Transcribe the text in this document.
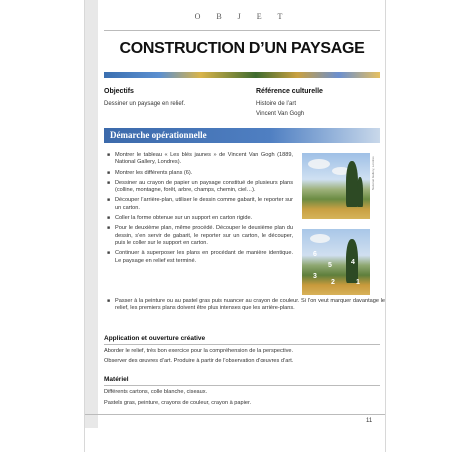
O B J E T
CONSTRUCTION D’UN PAYSAGE
Objectifs
Dessiner un paysage en relief.
Référence culturelle
Histoire de l’art
Vincent Van Gogh
Démarche opérationnelle
■ Montrer le tableau « Les blés jaunes » de Vincent Van Gogh (1889, National Gallery, Londres).
■ Montrer les différents plans (6).
■ Dessiner au crayon de papier un paysage constitué de plusieurs plans (colline, montagne, forêt, arbre, champs, chemin, ciel…).
■ Découper l’arrière-plan, utiliser le dessin comme gabarit, le reporter sur un carton.
■ Coller la forme obtenue sur un support en carton rigide.
■ Pour le deuxième plan, même procédé. Découper le deuxième plan du dessin, s’en servir de gabarit, le reporter sur un carton, le découper, puis le coller sur le support en carton.
■ Continuer à superposer les plans en procédant de manière identique. Le paysage en relief est terminé.
National Gallery, Londres
6
5	4
3
2	1
■ Passer à la peinture ou au pastel gras puis nuancer au crayon de couleur. Si l’on veut marquer davantage le relief, les premiers plans doivent être plus intenses que les arrière-plans.
Application et ouverture créative
Aborder le relief, très bon exercice pour la compréhension de la perspective.
Observer des œuvres d’art. Produire à partir de l’observation d’œuvres d’art.
Matériel
Différents cartons, colle blanche, ciseaux.
Pastels gras, peinture, crayons de couleur, crayon à papier.
11
